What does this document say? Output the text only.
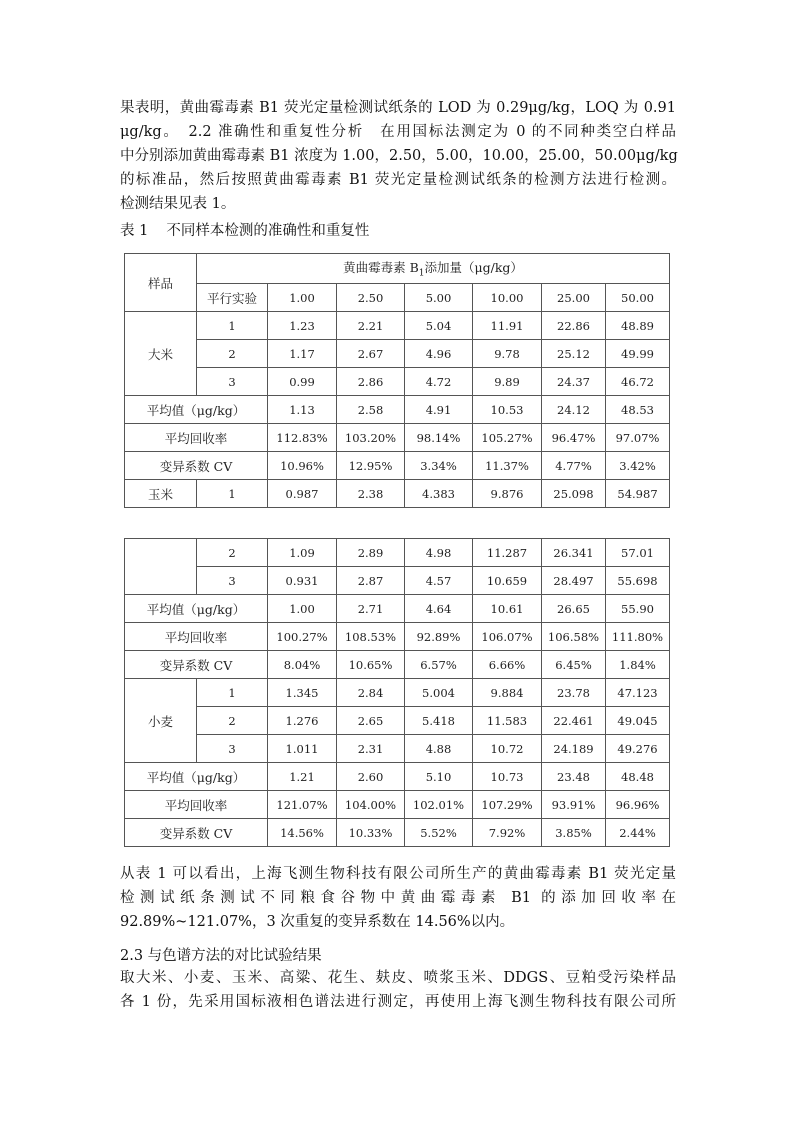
果表明，黄曲霉毒素 B1 荧光定量检测试纸条的 LOD 为 0.29μg/kg，LOQ 为 0.91
μg/kg。　2.2 准确性和重复性分析　在用国标法测定为 0 的不同种类空白样品
中分别添加黄曲霉毒素 B1 浓度为 1.00，2.50，5.00，10.00，25.00，50.00μg/kg
的标准品，然后按照黄曲霉毒素 B1 荧光定量检测试纸条的检测方法进行检测。
检测结果见表 1。
表 1 不同样本检测的准确性和重复性
样品	黄曲霉毒素 $B_1$添加量（μg/kg）						
	平行实验	1.00	2.50	5.00	10.00	25.00	50.00
大米	1	1.23	2.21	5.04	11.91	22.86	48.89
	2	1.17	2.67	4.96	9.78	25.12	49.99
	3	0.99	2.86	4.72	9.89	24.37	46.72
平均值（μg/kg）		1.13	2.58	4.91	10.53	24.12	48.53
平均回收率		112.83%	103.20%	98.14%	105.27%	96.47%	97.07%
变异系数 CV		10.96%	12.95%	3.34%	11.37%	4.77%	3.42%
玉米	1	0.987	2.38	4.383	9.876	25.098	54.987
	2	1.09	2.89	4.98	11.287	26.341	57.01
	3	0.931	2.87	4.57	10.659	28.497	55.698
平均值（μg/kg）		1.00	2.71	4.64	10.61	26.65	55.90
平均回收率		100.27%	108.53%	92.89%	106.07%	106.58%	111.80%
变异系数 CV		8.04%	10.65%	6.57%	6.66%	6.45%	1.84%
小麦	1	1.345	2.84	5.004	9.884	23.78	47.123
	2	1.276	2.65	5.418	11.583	22.461	49.045
	3	1.011	2.31	4.88	10.72	24.189	49.276
平均值（μg/kg）		1.21	2.60	5.10	10.73	23.48	48.48
平均回收率		121.07%	104.00%	102.01%	107.29%	93.91%	96.96%
变异系数 CV		14.56%	10.33%	5.52%	7.92%	3.85%	2.44%
从表 1 可以看出，上海飞测生物科技有限公司所生产的黄曲霉毒素 B1 荧光定量
检测试纸条测试不同粮食谷物中黄曲霉毒素 B1 的添加回收率在
92.89%~121.07%，3 次重复的变异系数在 14.56%以内。
2.3 与色谱方法的对比试验结果
取大米、小麦、玉米、高粱、花生、麸皮、喷浆玉米、DDGS、豆粕受污染样品
各 1 份，先采用国标液相色谱法进行测定，再使用上海飞测生物科技有限公司所
